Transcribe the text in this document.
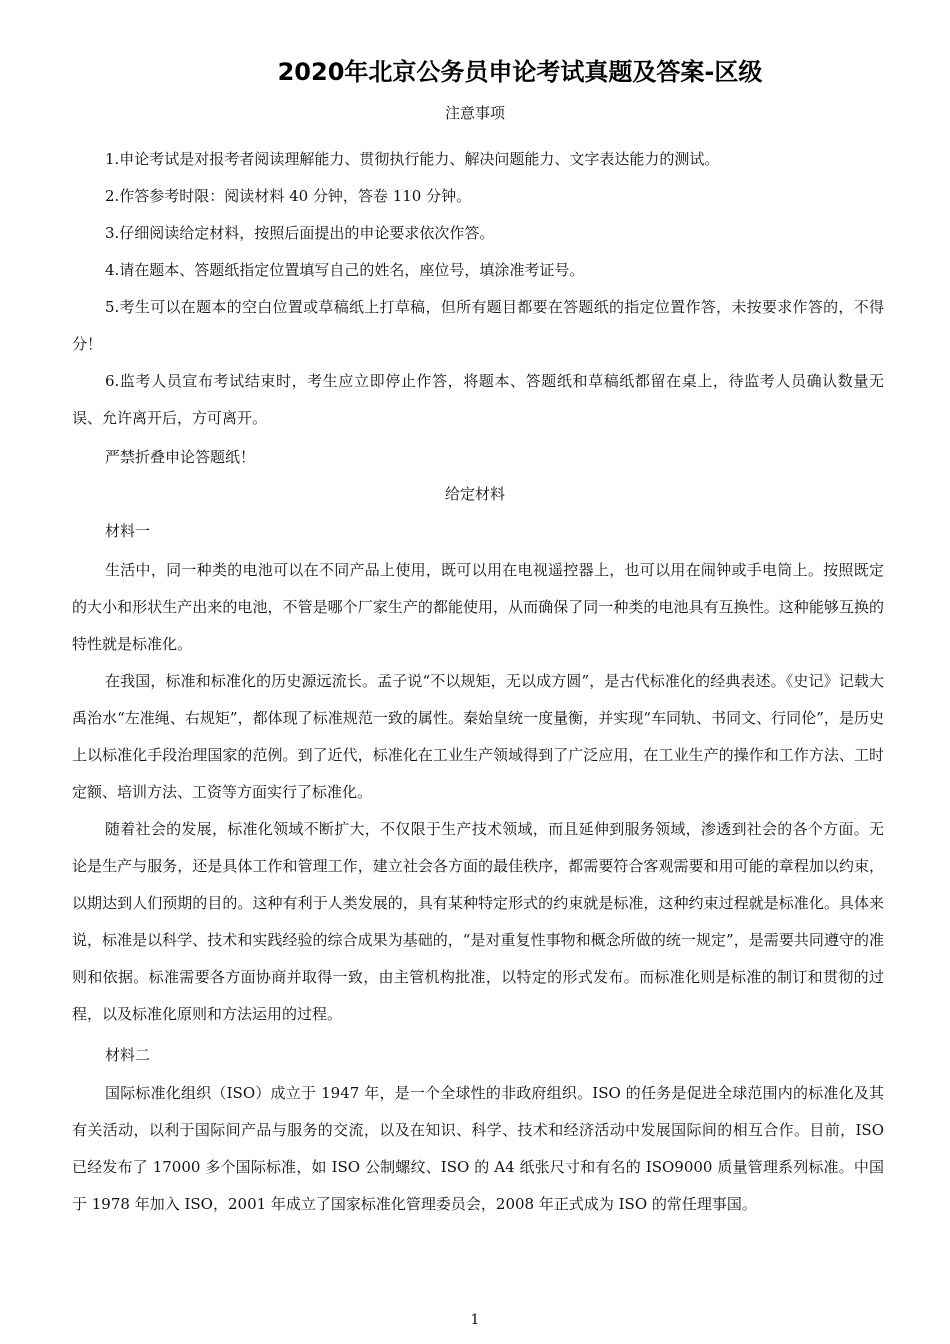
2020年北京公务员申论考试真题及答案-区级
注意事项

1.申论考试是对报考者阅读理解能力、贯彻执行能力、解决问题能力、文字表达能力的测试。

2.作答参考时限：阅读材料 40 分钟，答卷 110 分钟。

3.仔细阅读给定材料，按照后面提出的申论要求依次作答。

4.请在题本、答题纸指定位置填写自己的姓名，座位号，填涂准考证号。

5.考生可以在题本的空白位置或草稿纸上打草稿，但所有题目都要在答题纸的指定位置作答，未按要求作答的，不得分！

6.监考人员宣布考试结束时，考生应立即停止作答，将题本、答题纸和草稿纸都留在桌上，待监考人员确认数量无误、允许离开后，方可离开。

严禁折叠申论答题纸！
给定材料
材料一

生活中，同一种类的电池可以在不同产品上使用，既可以用在电视遥控器上，也可以用在闹钟或手电筒上。按照既定的大小和形状生产出来的电池，不管是哪个厂家生产的都能使用，从而确保了同一种类的电池具有互换性。这种能够互换的特性就是标准化。

在我国，标准和标准化的历史源远流长。孟子说“不以规矩，无以成方圆”，是古代标准化的经典表述。《史记》记载大禹治水“左准绳、右规矩”，都体现了标准规范一致的属性。秦始皇统一度量衡，并实现“车同轨、书同文、行同伦”，是历史上以标准化手段治理国家的范例。到了近代，标准化在工业生产领域得到了广泛应用，在工业生产的操作和工作方法、工时定额、培训方法、工资等方面实行了标准化。

随着社会的发展，标准化领域不断扩大，不仅限于生产技术领域，而且延伸到服务领域，渗透到社会的各个方面。无论是生产与服务，还是具体工作和管理工作，建立社会各方面的最佳秩序，都需要符合客观需要和用可能的章程加以约束，以期达到人们预期的目的。这种有利于人类发展的，具有某种特定形式的约束就是标准，这种约束过程就是标准化。具体来说，标准是以科学、技术和实践经验的综合成果为基础的，“是对重复性事物和概念所做的统一规定”，是需要共同遵守的准则和依据。标准需要各方面协商并取得一致，由主管机构批准，以特定的形式发布。而标准化则是标准的制订和贯彻的过程，以及标准化原则和方法运用的过程。

材料二

国际标准化组织（ISO）成立于 1947 年，是一个全球性的非政府组织。ISO 的任务是促进全球范围内的标准化及其有关活动，以利于国际间产品与服务的交流，以及在知识、科学、技术和经济活动中发展国际间的相互合作。目前，ISO 已经发布了 17000 多个国际标准，如 ISO 公制螺纹、ISO 的 A4 纸张尺寸和有名的 ISO9000 质量管理系列标准。中国于 1978 年加入 ISO，2001 年成立了国家标准化管理委员会，2008 年正式成为 ISO 的常任理事国。

1
